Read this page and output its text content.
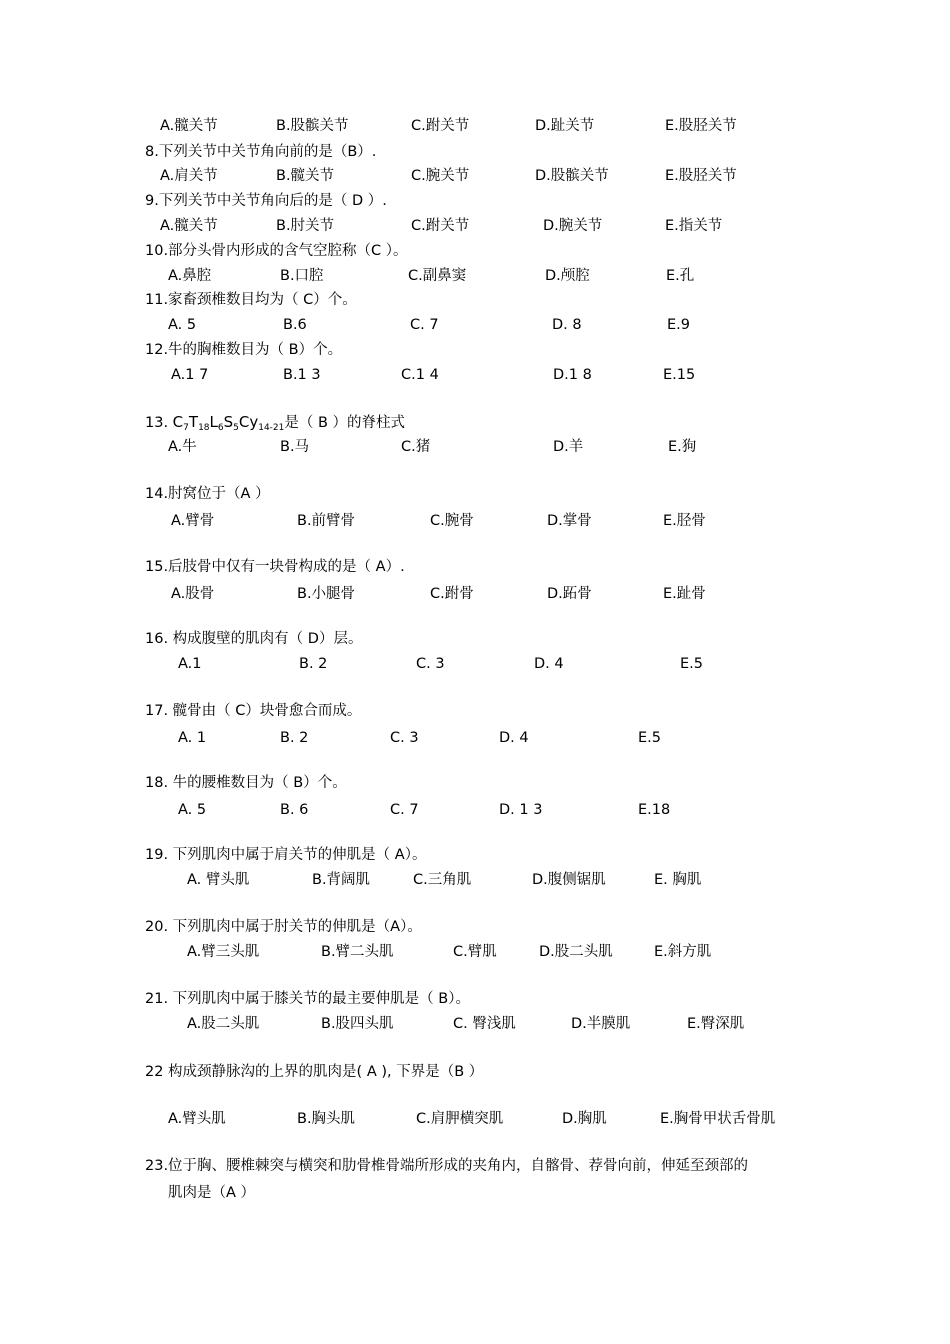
A.髋关节	B.股髌关节	C.跗关节	D.趾关节	E.股胫关节
8.下列关节中关节角向前的是（B）.
A.肩关节	B.髋关节	C.腕关节	D.股髌关节	E.股胫关节
9.下列关节中关节角向后的是（ D ）.
A.髋关节	B.肘关节	C.跗关节	D.腕关节	E.指关节
10.部分头骨内形成的含气空腔称（C ）。
A.鼻腔	B.口腔	C.副鼻窦	D.颅腔	E.孔
11.家畜颈椎数目均为（ C）个。
A. 5	B.6	C. 7	D. 8	E.9
12.牛的胸椎数目为（ B）个。
A.1 7	B.1 3	C.1 4	D.1 8	E.15
13. $C_7T_{18}L_6S_5Cy_{14-21}$是（ B ）的脊柱式
A.牛	B.马	C.猪	D.羊	E.狗
14.肘窝位于（A ）
A.臂骨	B.前臂骨	C.腕骨	D.掌骨	E.胫骨
15.后肢骨中仅有一块骨构成的是（ A）.
A.股骨	B.小腿骨	C.跗骨	D.跖骨	E.趾骨
16. 构成腹壁的肌肉有（ D）层。
A.1	B. 2	C. 3	D. 4	E.5
17. 髋骨由（ C）块骨愈合而成。
A. 1	B. 2	C. 3	D. 4	E.5
18. 牛的腰椎数目为（ B）个。
A. 5	B. 6	C. 7	D. 1 3	E.18
19. 下列肌肉中属于肩关节的伸肌是（ A）。
A. 臂头肌	B.背阔肌	C.三角肌	D.腹侧锯肌	E. 胸肌
20. 下列肌肉中属于肘关节的伸肌是（A）。
A.臂三头肌	B.臂二头肌	C.臂肌	D.股二头肌	E.斜方肌
21. 下列肌肉中属于膝关节的最主要伸肌是（ B）。
A.股二头肌	B.股四头肌	C. 臀浅肌	D.半膜肌	E.臀深肌
22 构成颈静脉沟的上界的肌肉是( A ), 下界是（B ）
A.臂头肌	B.胸头肌	C.肩胛横突肌	D.胸肌	E.胸骨甲状舌骨肌
23.位于胸、腰椎棘突与横突和肋骨椎骨端所形成的夹角内，自髂骨、荐骨向前，伸延至颈部的
肌肉是（A ）
